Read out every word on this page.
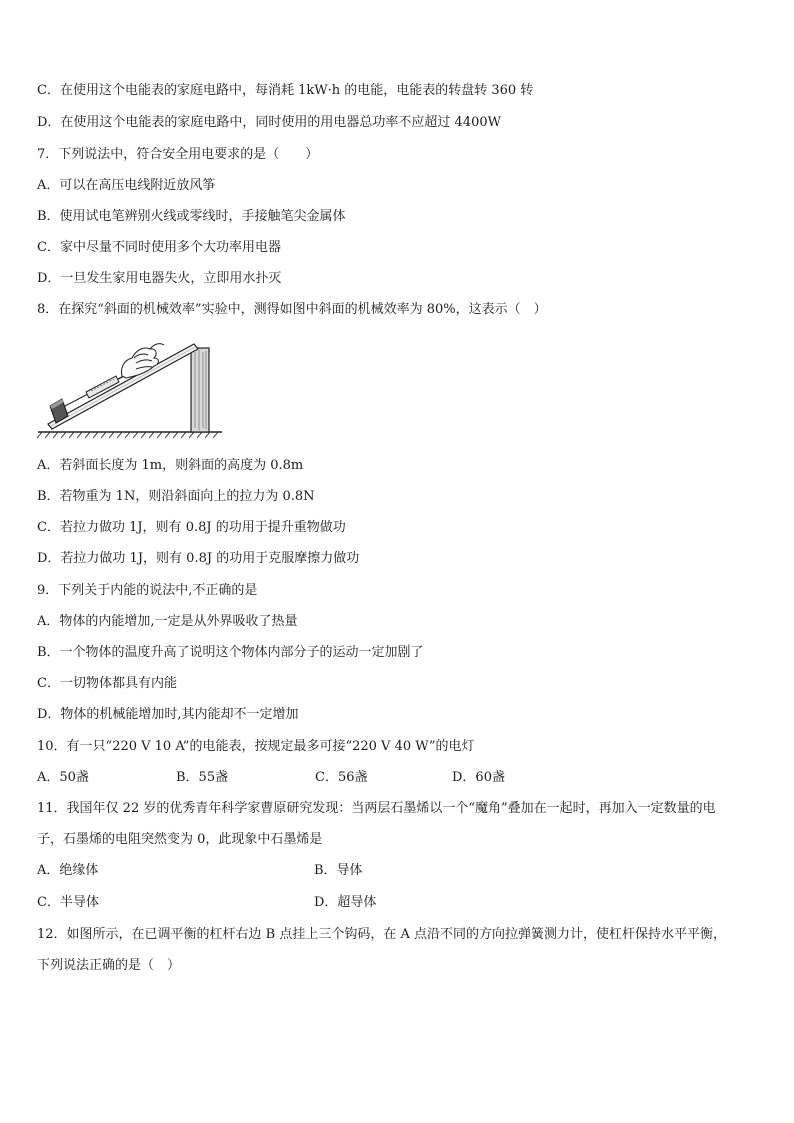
C．在使用这个电能表的家庭电路中，每消耗 1kW·h 的电能，电能表的转盘转 360 转
D．在使用这个电能表的家庭电路中，同时使用的用电器总功率不应超过 4400W
7．下列说法中，符合安全用电要求的是（　　）
A．可以在高压电线附近放风筝
B．使用试电笔辨别火线或零线时，手接触笔尖金属体
C．家中尽量不同时使用多个大功率用电器
D．一旦发生家用电器失火，立即用水扑灭
8．在探究“斜面的机械效率”实验中，测得如图中斜面的机械效率为 80%，这表示（　）
A．若斜面长度为 1m，则斜面的高度为 0.8m
B．若物重为 1N，则沿斜面向上的拉力为 0.8N
C．若拉力做功 1J，则有 0.8J 的功用于提升重物做功
D．若拉力做功 1J，则有 0.8J 的功用于克服摩擦力做功
9．下列关于内能的说法中,不正确的是
A．物体的内能增加,一定是从外界吸收了热量
B．一个物体的温度升高了说明这个物体内部分子的运动一定加剧了
C．一切物体都具有内能
D．物体的机械能增加时,其内能却不一定增加
10．有一只“220 V 10 A”的电能表，按规定最多可接“220 V 40 W”的电灯
A．50盏	B．55盏	C．56盏	D．60盏
11．我国年仅 22 岁的优秀青年科学家曹原研究发现：当两层石墨烯以一个“魔角”叠加在一起时，再加入一定数量的电
子，石墨烯的电阻突然变为 0，此现象中石墨烯是
A．绝缘体	B．导体
C．半导体	D．超导体
12．如图所示，在已调平衡的杠杆右边 B 点挂上三个钩码，在 A 点沿不同的方向拉弹簧测力计，使杠杆保持水平平衡，
下列说法正确的是（　）
